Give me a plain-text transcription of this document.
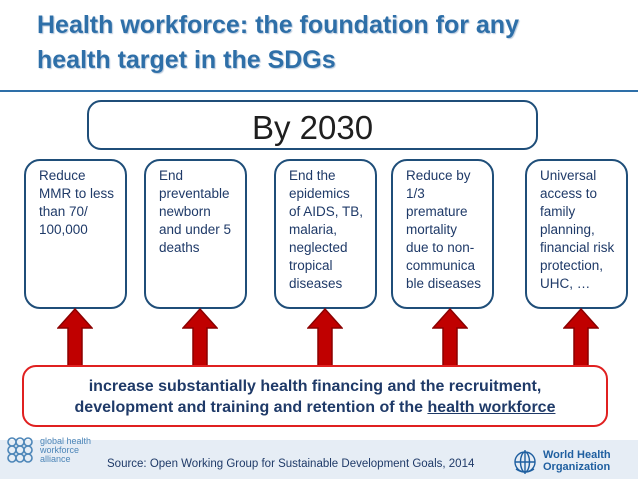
Health workforce: the foundation for any
health target in the SDGs
By 2030
Reduce
MMR to less
than 70/
100,000
End
preventable
newborn
and under 5
deaths
End the
epidemics
of AIDS, TB,
malaria,
neglected
tropical
diseases
Reduce by
1/3
premature
mortality
due to non-
communica
ble diseases
Universal
access to
family
planning,
financial risk
protection,
UHC, …
increase substantially health financing and the recruitment,
development and training and retention of the health workforce
global health
workforce
alliance	Source: Open Working Group for Sustainable Development Goals, 2014
World Health
Organization
